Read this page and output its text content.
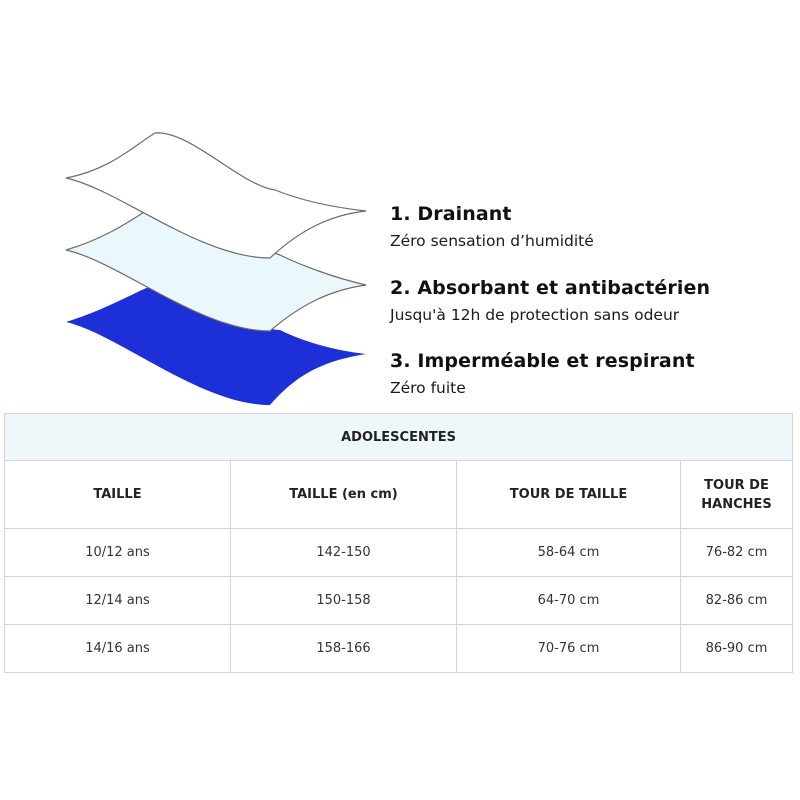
1. Drainant
Zéro sensation d’humidité
2. Absorbant et antibactérien
Jusqu'à 12h de protection sans odeur
3. Imperméable et respirant
Zéro fuite
ADOLESCENTES			
TAILLE	TAILLE (en cm)	TOUR DE TAILLE	TOUR DE HANCHES
10/12 ans	142-150	58-64 cm	76-82 cm
12/14 ans	150-158	64-70 cm	82-86 cm
14/16 ans	158-166	70-76 cm	86-90 cm
